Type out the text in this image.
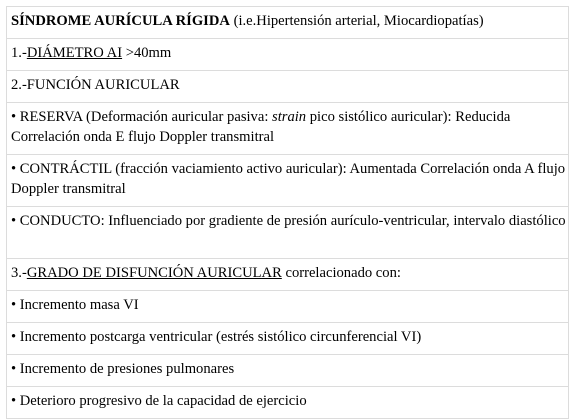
SÍNDROME AURÍCULA RÍGIDA (i.e.Hipertensión arterial, Miocardiopatías)
1.-DIÁMETRO AI >40mm
2.-FUNCIÓN AURICULAR
• RESERVA (Deformación auricular pasiva: strain pico sistólico auricular): Reducida Correlación onda E flujo Doppler transmitral
• CONTRÁCTIL (fracción vaciamiento activo auricular): Aumentada Correlación onda A flujo Doppler transmitral
• CONDUCTO: Influenciado por gradiente de presión aurículo-ventricular, intervalo diastólico
3.-GRADO DE DISFUNCIÓN AURICULAR correlacionado con:
• Incremento masa VI
• Incremento postcarga ventricular (estrés sistólico circunferencial VI)
• Incremento de presiones pulmonares
• Deterioro progresivo de la capacidad de ejercicio
